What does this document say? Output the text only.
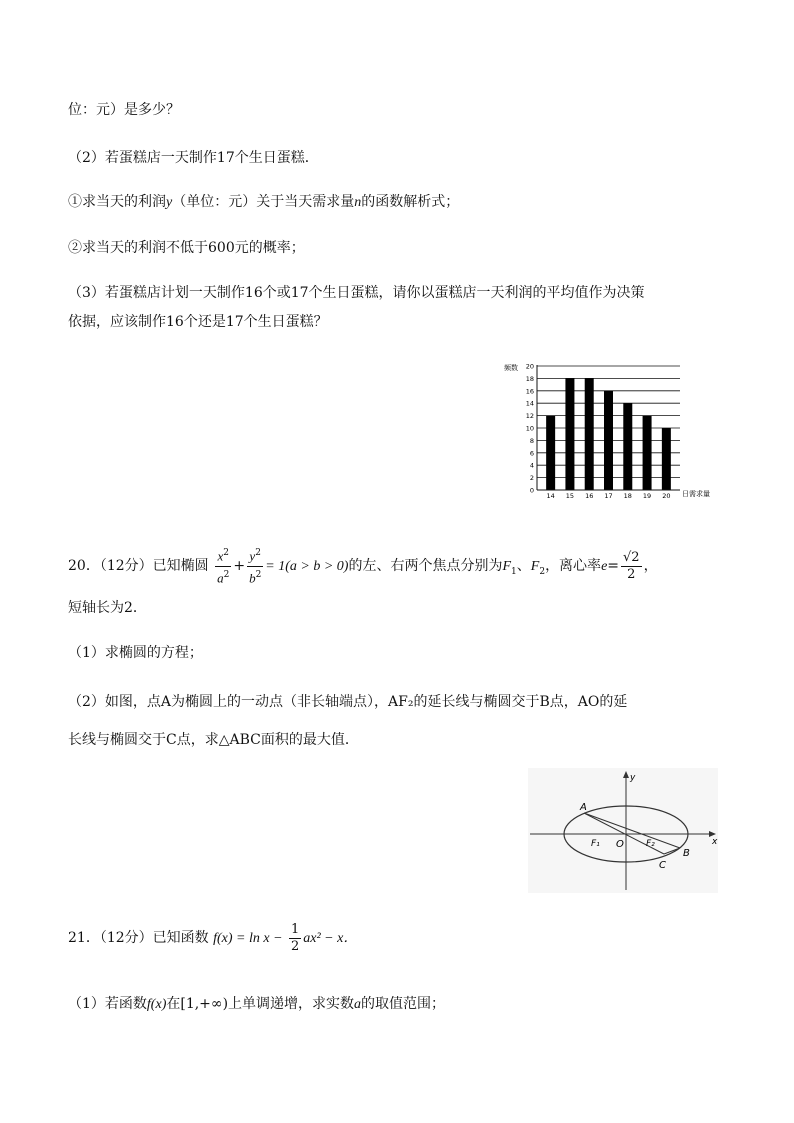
位：元）是多少？
（2）若蛋糕店一天制作17个生日蛋糕．
①求当天的利润y（单位：元）关于当天需求量n的函数解析式；
②求当天的利润不低于600元的概率；
（3）若蛋糕店计划一天制作16个或17个生日蛋糕，请你以蛋糕店一天利润的平均值作为决策
依据，应该制作16个还是17个生日蛋糕？
频数
日需求量
0
2
4
6
8
10
12
14
16
18
20
14 15 16 17 18 19 20
20．（12分）已知椭圆 $\frac{x^2}{a^2} + \frac{y^2}{b^2} = 1(a > b > 0)$的左、右两个焦点分别为$F_1$、$F_2$，离心率$e= \frac{√2}{2}$ ，
短轴长为2．
（1）求椭圆的方程；
（2）如图，点A为椭圆上的一动点（非长轴端点），AF₂的延长线与椭圆交于B点，AO的延
长线与椭圆交于C点，求△ABC面积的最大值．
A
B
C
O
F₁	F₂	x
y
21．（12分）已知函数 $f(x) = \ln x - \frac{1}{2} ax^2 - x$．
（1）若函数f(x)在[1,+∞)上单调递增，求实数a的取值范围；
